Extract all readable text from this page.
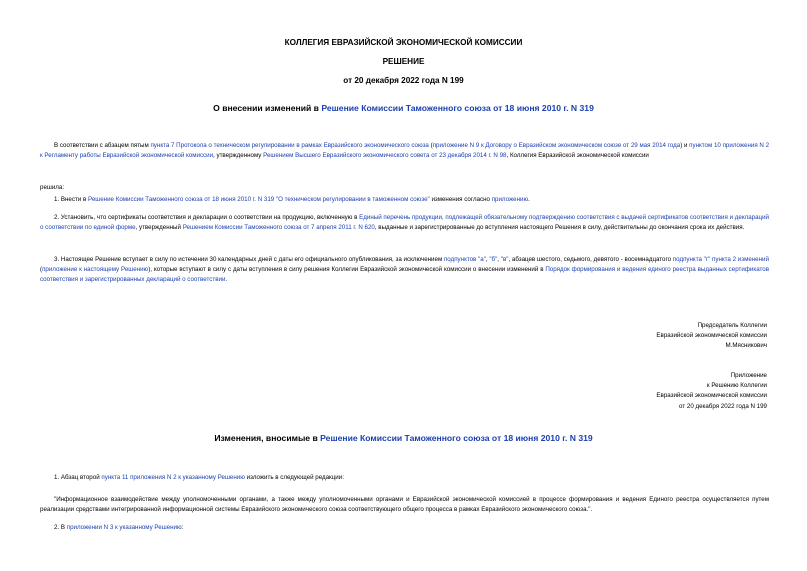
КОЛЛЕГИЯ ЕВРАЗИЙСКОЙ ЭКОНОМИЧЕСКОЙ КОМИССИИ
РЕШЕНИЕ
от 20 декабря 2022 года N 199
О внесении изменений в Решение Комиссии Таможенного союза от 18 июня 2010 г. N 319
В соответствии с абзацем пятым пункта 7 Протокола о техническом регулировании в рамках Евразийского экономического союза (приложение N 9 к Договору о Евразийском экономическом союзе от 29 мая 2014 года) и пунктом 10 приложения N 2 к Регламенту работы Евразийской экономической комиссии, утвержденному Решением Высшего Евразийского экономического совета от 23 декабря 2014 г. N 98, Коллегия Евразийской экономической комиссии
решила:
1. Внести в Решение Комиссии Таможенного союза от 18 июня 2010 г. N 319 "О техническом регулировании в таможенном союзе" изменения согласно приложению.
2. Установить, что сертификаты соответствия и декларации о соответствии на продукцию, включенную в Единый перечень продукции, подлежащей обязательному подтверждению соответствия с выдачей сертификатов соответствия и деклараций о соответствии по единой форме, утвержденный Решением Комиссии Таможенного союза от 7 апреля 2011 г. N 620, выданные и зарегистрированные до вступления настоящего Решения в силу, действительны до окончания срока их действия.
3. Настоящее Решение вступает в силу по истечении 30 календарных дней с даты его официального опубликования, за исключением подпунктов "а", "б", "в", абзацев шестого, седьмого, девятого - восемнадцатого подпункта "г" пункта 2 изменений (приложение к настоящему Решению), которые вступают в силу с даты вступления в силу решения Коллегии Евразийской экономической комиссии о внесении изменений в Порядок формирования и ведения единого реестра выданных сертификатов соответствия и зарегистрированных деклараций о соответствии.

Председатель Коллегии

Евразийской экономической комиссии

М.Мясникович

Приложение

к Решению Коллегии

Евразийской экономической комиссии

от 20 декабря 2022 года N 199

Изменения, вносимые в Решение Комиссии Таможенного союза от 18 июня 2010 г. N 319
1. Абзац второй пункта 11 приложения N 2 к указанному Решению изложить в следующей редакции:
"Информационное взаимодействие между уполномоченными органами, а также между уполномоченными органами и Евразийской экономической комиссией в процессе формирования и ведения Единого реестра осуществляется путем реализации средствами интегрированной информационной системы Евразийского экономического союза соответствующего общего процесса в рамках Евразийского экономического союза.".
2. В приложении N 3 к указанному Решению:
